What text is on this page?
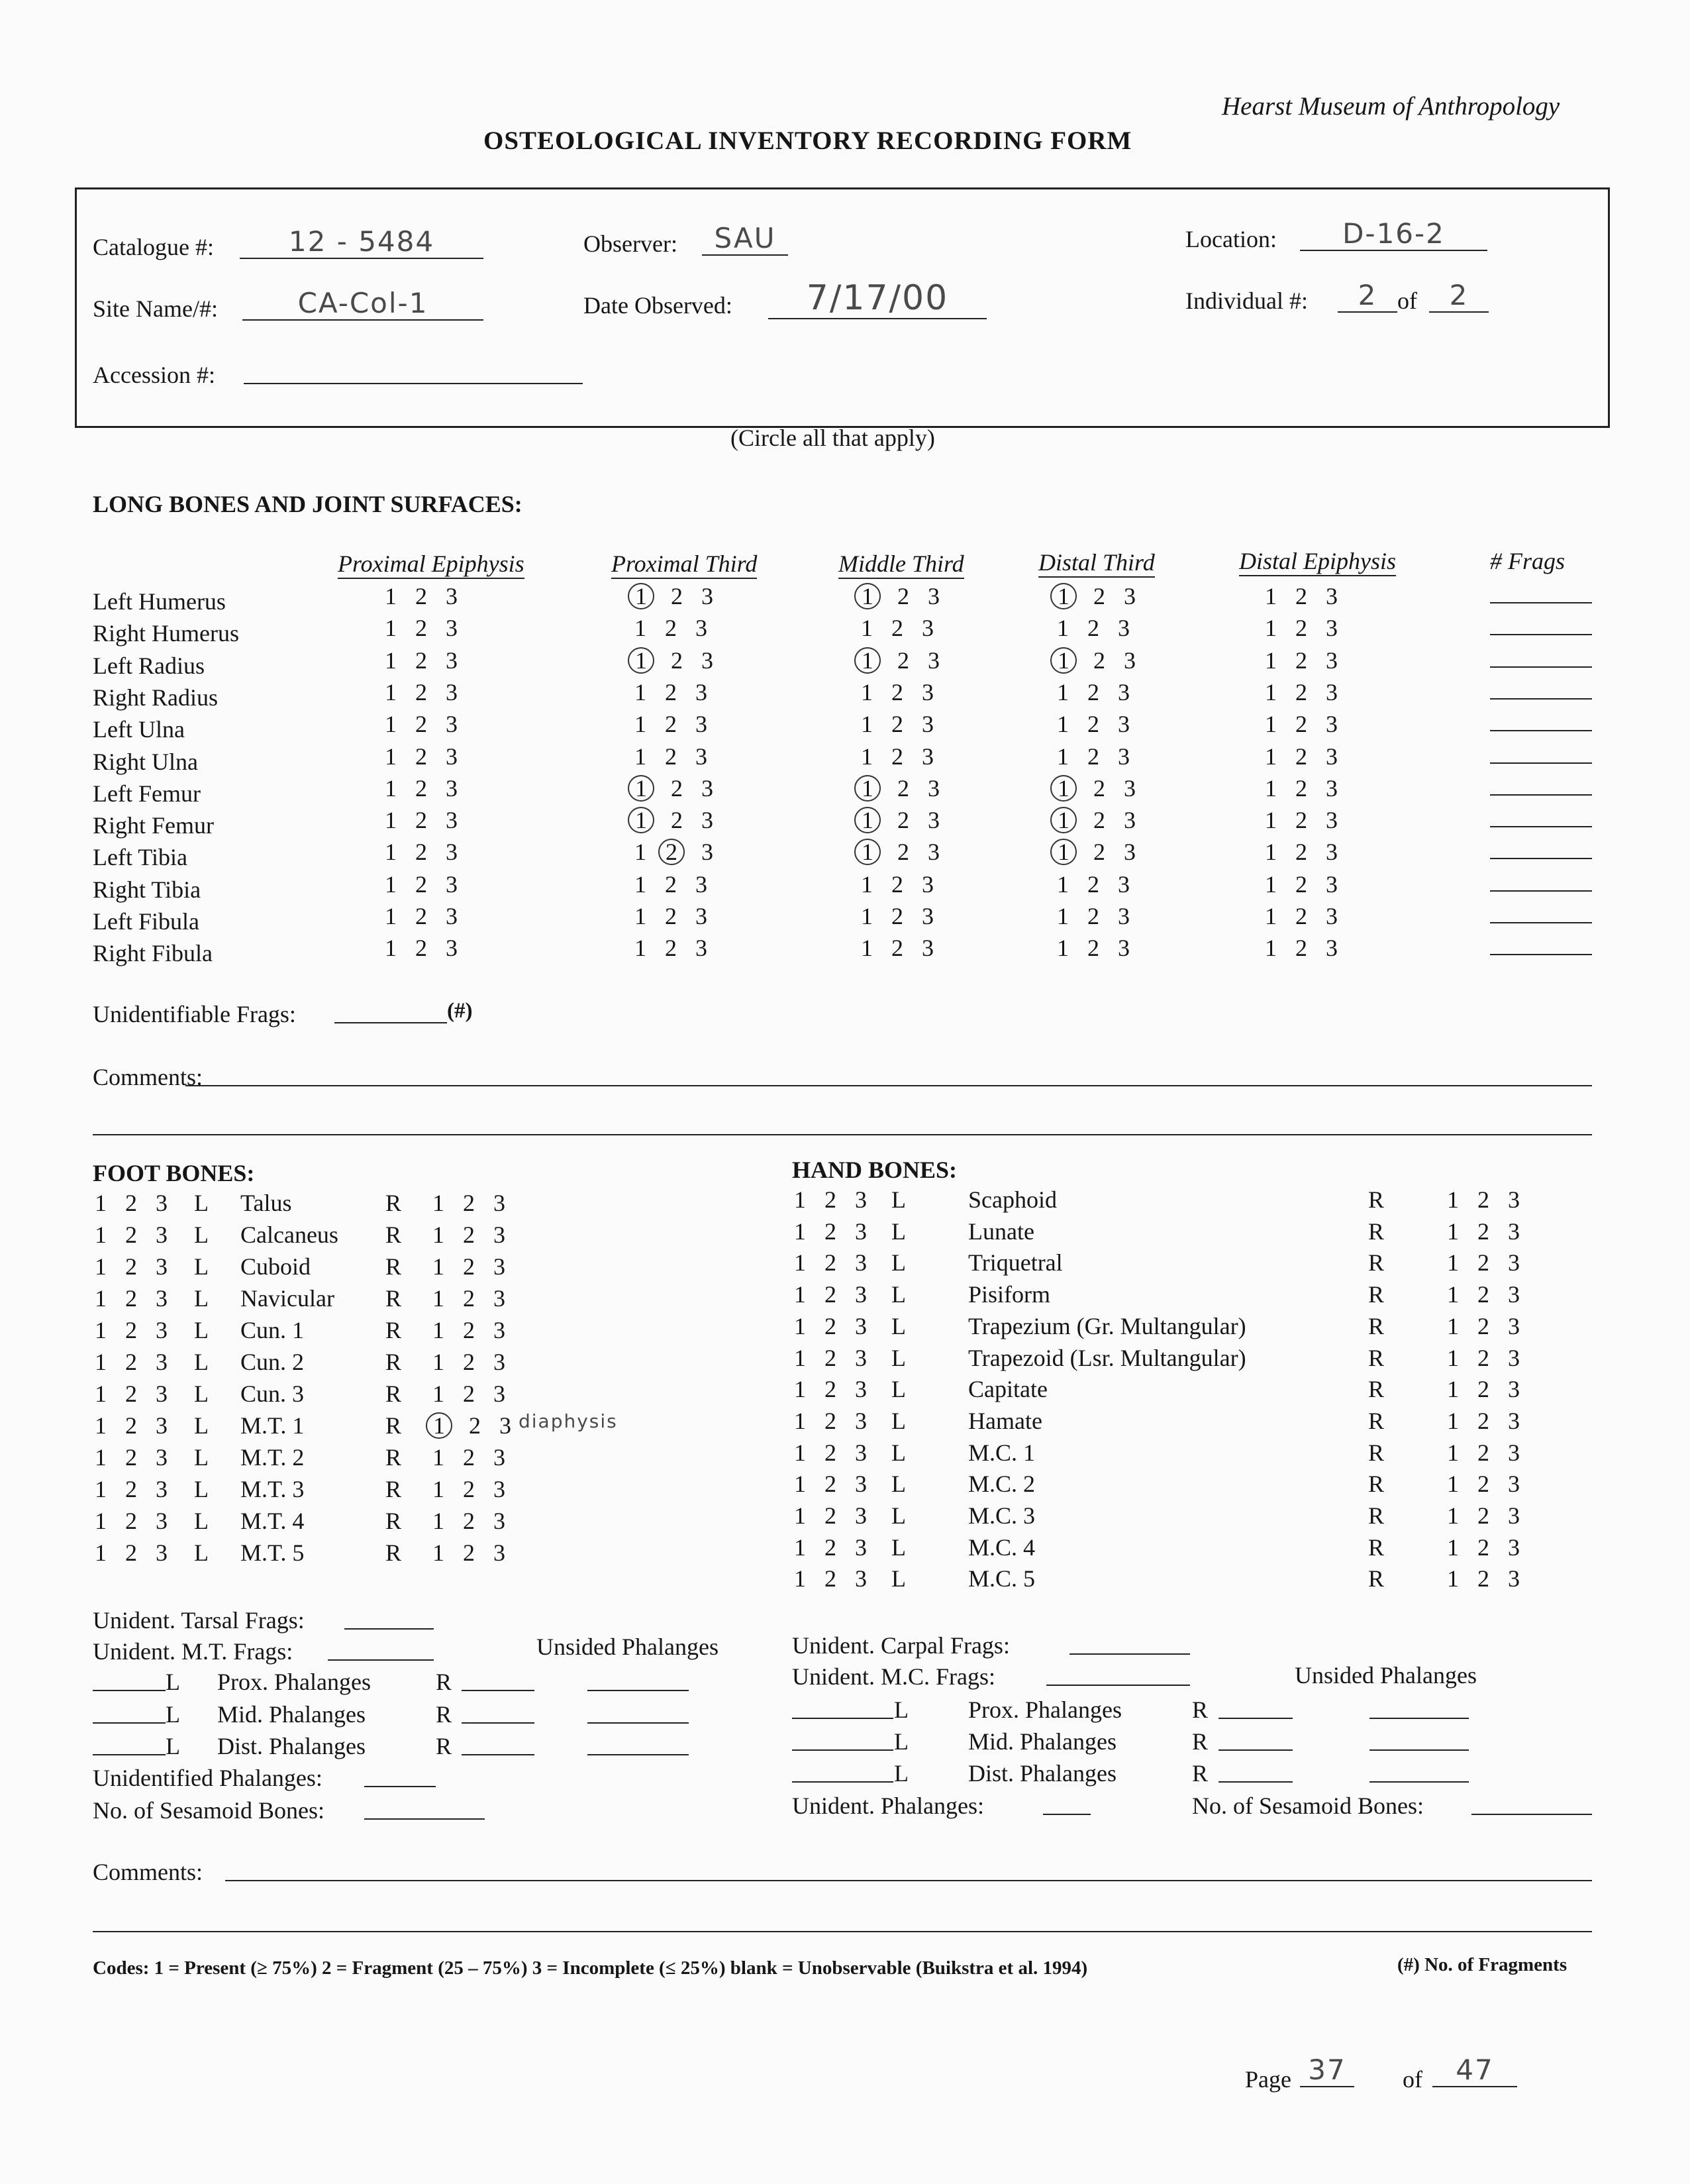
Hearst Museum of Anthropology
OSTEOLOGICAL INVENTORY RECORDING FORM
Catalogue #:	12 - 5484	Observer:	SAU	Location:	D-16-2
Site Name/#:	CA-Col-1	Date Observed:	7/17/00	Individual #:	2 of	2
Accession #:
(Circle all that apply)
LONG BONES AND JOINT SURFACES:
Proximal Epiphysis	Proximal Third	Middle Third	Distal Third	Distal Epiphysis	# Frags
Left Humerus	1 2 3	1 2 3	1 2 3	1 2 3	1 2 3
Right Humerus	1 2 3	1 2 3	1 2 3	1 2 3	1 2 3
Left Radius	1 2 3	1 2 3	1 2 3	1 2 3	1 2 3
Right Radius	1 2 3	1 2 3	1 2 3	1 2 3	1 2 3
Left Ulna	1 2 3	1 2 3	1 2 3	1 2 3	1 2 3
Right Ulna	1 2 3	1 2 3	1 2 3	1 2 3	1 2 3
Left Femur	1 2 3	1 2 3	1 2 3	1 2 3	1 2 3
Right Femur	1 2 3	1 2 3	1 2 3	1 2 3	1 2 3
Left Tibia	1 2 3	1 2 3	1 2 3	1 2 3	1 2 3
Right Tibia	1 2 3	1 2 3	1 2 3	1 2 3	1 2 3
Left Fibula	1 2 3	1 2 3	1 2 3	1 2 3	1 2 3
Right Fibula	1 2 3	1 2 3	1 2 3	1 2 3	1 2 3
Unidentifiable Frags:	(#)
Comments:
FOOT BONES:
1 2 3 L Talus	R 1 2 3
1 2 3 L Calcaneus R 1 2 3
1 2 3 L Cuboid	R 1 2 3
1 2 3 L Navicular R 1 2 3
1 2 3 L Cun. 1	R 1 2 3
1 2 3 L Cun. 2	R 1 2 3
1 2 3 L Cun. 3	R 1 2 3
1 2 3 L M.T. 1	R 1 2 3 diaphysis
1 2 3 L M.T. 2	R 1 2 3
1 2 3 L M.T. 3	R 1 2 3
1 2 3 L M.T. 4	R 1 2 3
1 2 3 L M.T. 5	R 1 2 3
HAND BONES:
1 2 3 L	Scaphoid	R	1 2 3
1 2 3 L	Lunate	R	1 2 3
1 2 3 L	Triquetral	R	1 2 3
1 2 3 L	Pisiform	R	1 2 3
1 2 3 L	Trapezium (Gr. Multangular)	R	1 2 3
1 2 3 L	Trapezoid (Lsr. Multangular)	R	1 2 3
1 2 3 L	Capitate	R	1 2 3
1 2 3 L	Hamate	R	1 2 3
1 2 3 L	M.C. 1	R	1 2 3
1 2 3 L	M.C. 2	R	1 2 3
1 2 3 L	M.C. 3	R	1 2 3
1 2 3 L	M.C. 4	R	1 2 3
1 2 3 L	M.C. 5	R	1 2 3
Unident. Tarsal Frags:
Unident. M.T. Frags:	Unsided Phalanges
L Prox. Phalanges	R
L Mid. Phalanges	R
L Dist. Phalanges	R
Unidentified Phalanges:
No. of Sesamoid Bones:
Unident. Carpal Frags:
Unident. M.C. Frags:	Unsided Phalanges
L	Prox. Phalanges	R
L	Mid. Phalanges	R
L	Dist. Phalanges	R
Unident. Phalanges:	No. of Sesamoid Bones:
Comments:
Codes: 1 = Present (≥ 75%) 2 = Fragment (25 – 75%) 3 = Incomplete (≤ 25%) blank = Unobservable (Buikstra et al. 1994)	(#) No. of Fragments
Page 37	of	47
